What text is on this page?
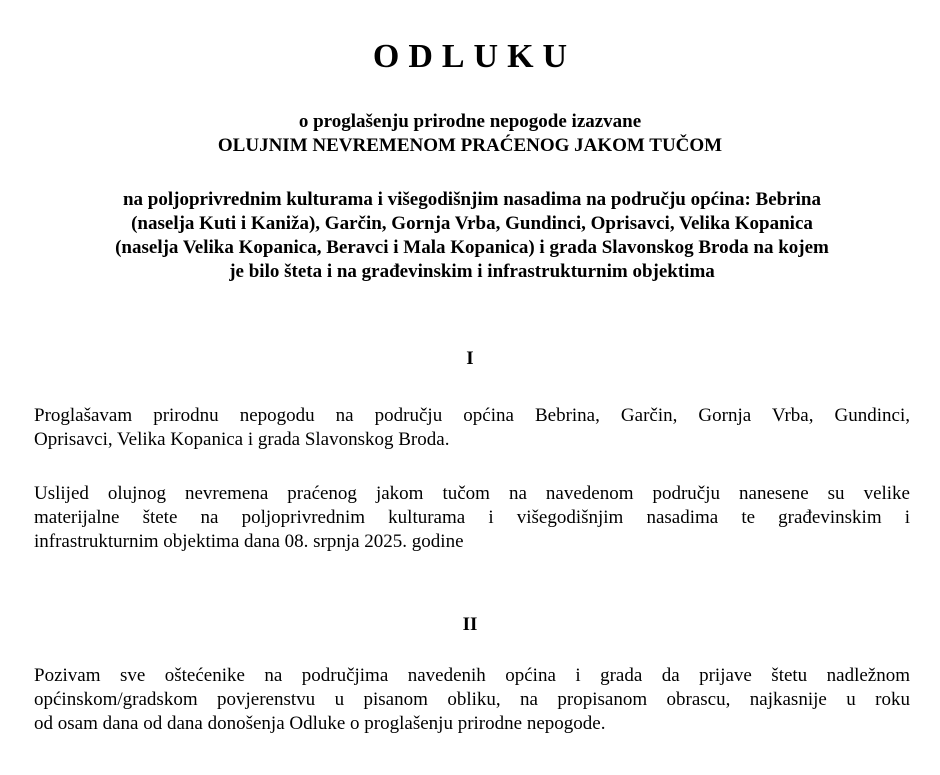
ODLUKU
o proglašenju prirodne nepogode izazvane
OLUJNIM NEVREMENOM PRAĆENOG JAKOM TUČOM
na poljoprivrednim kulturama i višegodišnjim nasadima na području općina: Bebrina
(naselja Kuti i Kaniža), Garčin, Gornja Vrba, Gundinci, Oprisavci, Velika Kopanica
(naselja Velika Kopanica, Beravci i Mala Kopanica) i grada Slavonskog Broda na kojem
je bilo šteta i na građevinskim i infrastrukturnim objektima
I
Proglašavam prirodnu nepogodu na području općina Bebrina, Garčin, Gornja Vrba, Gundinci,
Oprisavci, Velika Kopanica i grada Slavonskog Broda.
Uslijed olujnog nevremena praćenog jakom tučom na navedenom području nanesene su velike
materijalne štete na poljoprivrednim kulturama i višegodišnjim nasadima te građevinskim i
infrastrukturnim objektima dana 08. srpnja 2025. godine
II
Pozivam sve oštećenike na područjima navedenih općina i grada da prijave štetu nadležnom
općinskom/gradskom povjerenstvu u pisanom obliku, na propisanom obrascu, najkasnije u roku
od osam dana od dana donošenja Odluke o proglašenju prirodne nepogode.
